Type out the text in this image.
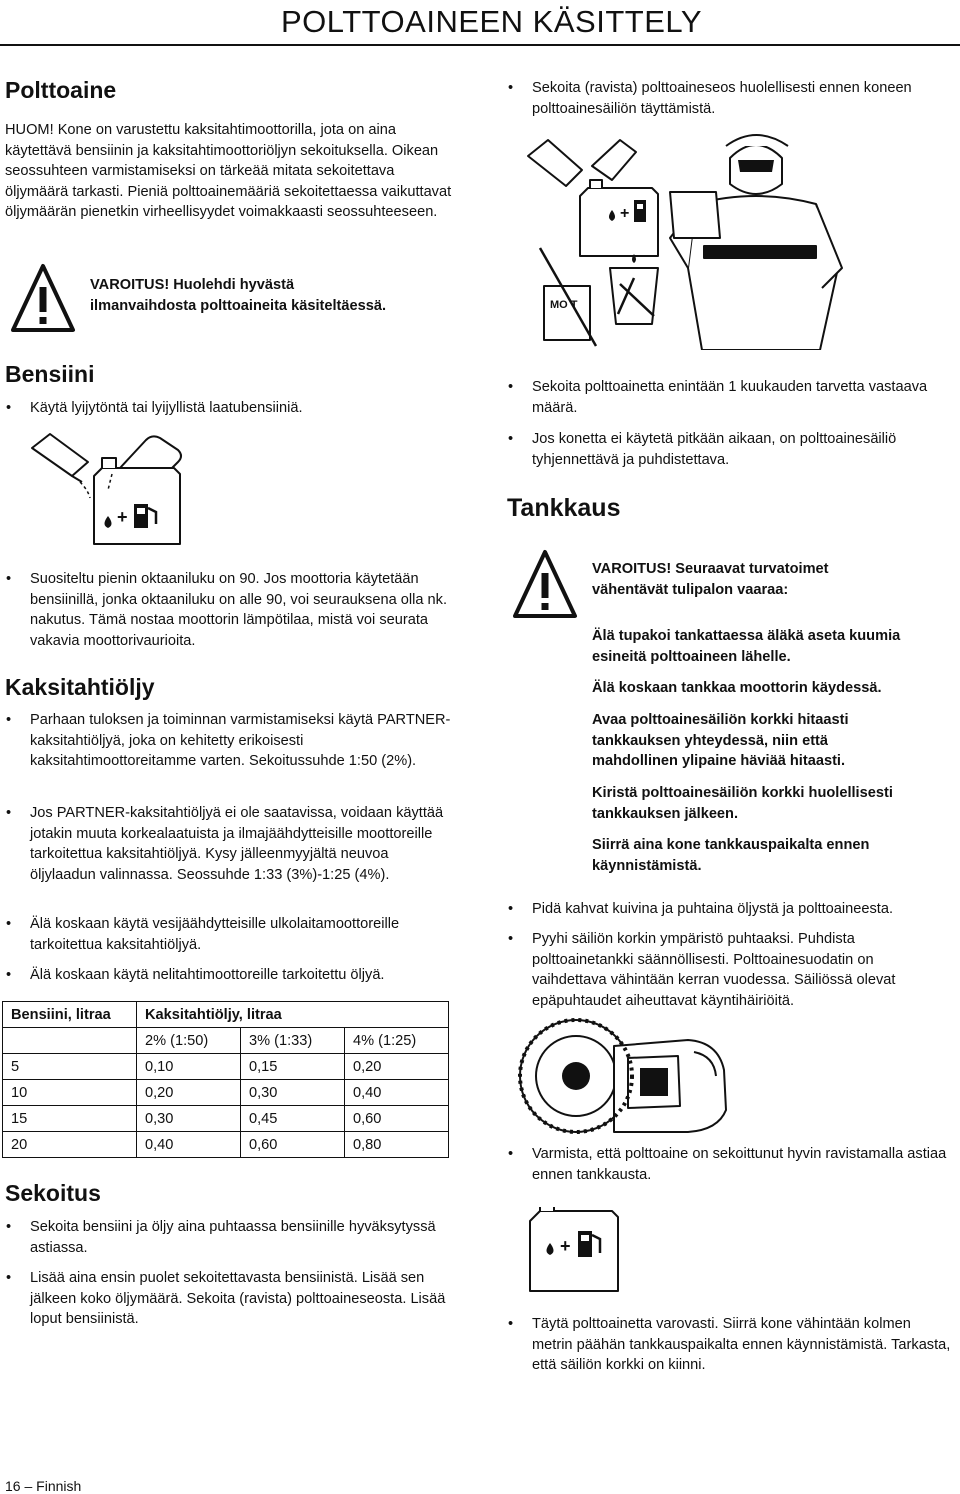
POLTTOAINEEN KÄSITTELY
Polttoaine
HUOM! Kone on varustettu kaksitahtimoottorilla, jota on aina käytettävä bensiinin ja kaksitahtimoottoriöljyn sekoituksella. Oikean seossuhteen varmistamiseksi on tärkeää mitata sekoitettava öljymäärä tarkasti. Pieniä polttoainemääriä sekoitettaessa vaikuttavat öljymäärän pienetkin virheellisyydet voimakkaasti seossuhteeseen.
VAROITUS! Huolehdi hyvästä
ilmanvaihdosta polttoaineita käsiteltäessä.
Bensiini
• Käytä lyijytöntä tai lyijyllistä laatubensiiniä.
+
• Suositeltu pienin oktaaniluku on 90. Jos moottoria käytetään bensiinillä, jonka oktaaniluku on alle 90, voi seurauksena olla nk. nakutus. Tämä nostaa moottorin lämpötilaa, mistä voi seurata vakavia moottorivaurioita.
Kaksitahtiöljy
• Parhaan tuloksen ja toiminnan varmistamiseksi käytä PARTNER-kaksitahtiöljyä, joka on kehitetty erikoisesti kaksitahtimoottoreitamme varten. Sekoitussuhde 1:50 (2%).
• Jos PARTNER-kaksitahtiöljyä ei ole saatavissa, voidaan käyttää jotakin muuta korkealaatuista ja ilmajäähdytteisille moottoreille tarkoitettua kaksitahtiöljyä. Kysy jälleenmyyjältä neuvoa öljylaadun valinnassa. Seossuhde 1:33 (3%)-1:25 (4%).
• Älä koskaan käytä vesijäähdytteisille ulkolaitamoottoreille tarkoitettua kaksitahtiöljyä.
• Älä koskaan käytä nelitahtimoottoreille tarkoitettu öljyä.
Bensiini, litraa	Kaksitahtiöljy, litraa		
	2% (1:50)	3% (1:33)	4% (1:25)
5	0,10	0,15	0,20
10	0,20	0,30	0,40
15	0,30	0,45	0,60
20	0,40	0,60	0,80
Sekoitus
• Sekoita bensiini ja öljy aina puhtaassa bensiinille hyväksytyssä astiassa.
• Lisää aina ensin puolet sekoitettavasta bensiinistä. Lisää sen jälkeen koko öljymäärä. Sekoita (ravista) polttoaineseosta. Lisää loput bensiinistä.
16 – Finnish
• Sekoita (ravista) polttoaineseos huolellisesti ennen koneen polttoainesäiliön täyttämistä.
+
MO T
• Sekoita polttoainetta enintään 1 kuukauden tarvetta vastaava määrä.
• Jos konetta ei käytetä pitkään aikaan, on polttoainesäiliö tyhjennettävä ja puhdistettava.
Tankkaus
VAROITUS! Seuraavat turvatoimet
vähentävät tulipalon vaaraa:
Älä tupakoi tankattaessa äläkä aseta kuumia esineitä polttoaineen lähelle.
Älä koskaan tankkaa moottorin käydessä.
Avaa polttoainesäiliön korkki hitaasti tankkauksen yhteydessä, niin että mahdollinen ylipaine häviää hitaasti.
Kiristä polttoainesäiliön korkki huolellisesti tankkauksen jälkeen.
Siirrä aina kone tankkauspaikalta ennen käynnistämistä.
• Pidä kahvat kuivina ja puhtaina öljystä ja polttoaineesta.
• Pyyhi säiliön korkin ympäristö puhtaaksi. Puhdista polttoainetankki säännöllisesti. Polttoainesuodatin on vaihdettava vähintään kerran vuodessa. Säiliössä olevat epäpuhtaudet aiheuttavat käyntihäiriöitä.
• Varmista, että polttoaine on sekoittunut hyvin ravistamalla astiaa ennen tankkausta.
+
• Täytä polttoainetta varovasti. Siirrä kone vähintään kolmen metrin päähän tankkauspaikalta ennen käynnistämistä. Tarkasta, että säiliön korkki on kiinni.
